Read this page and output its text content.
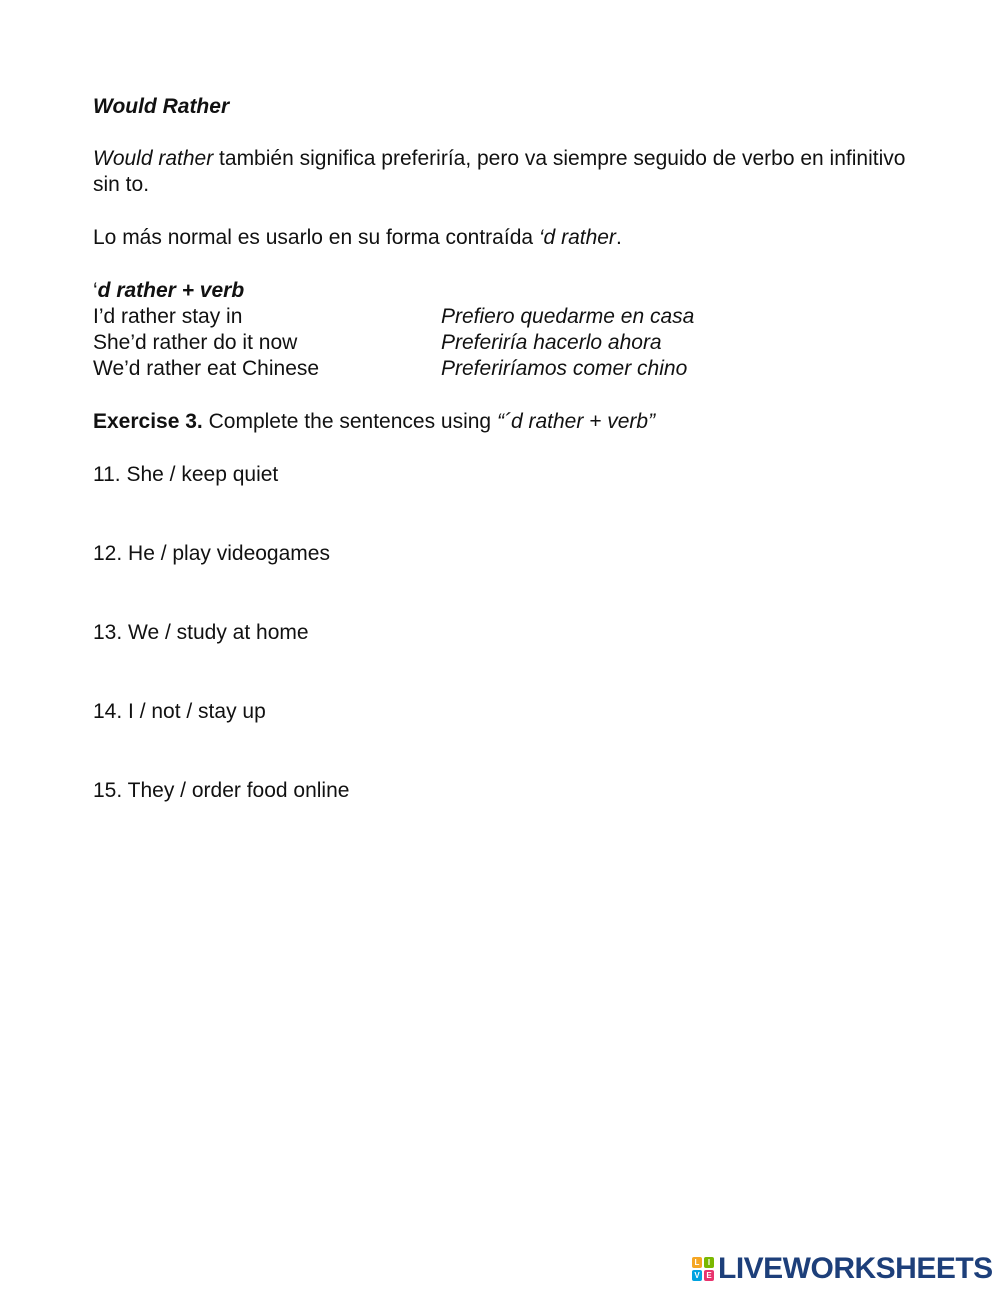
Would Rather
Would rather también significa preferiría, pero va siempre seguido de verbo en infinitivo sin to.
Lo más normal es usarlo en su forma contraída ‘d rather.
‘d rather + verb
I’d rather stay in	Prefiero quedarme en casa
She’d rather do it now	Preferiría hacerlo ahora
We’d rather eat Chinese	Preferiríamos comer chino
Exercise 3. Complete the sentences using “´d rather + verb”
11. She / keep quiet
12. He / play videogames
13. We / study at home
14. I / not / stay up
15. They / order food online
L	I
V E LIVEWORKSHEETS
